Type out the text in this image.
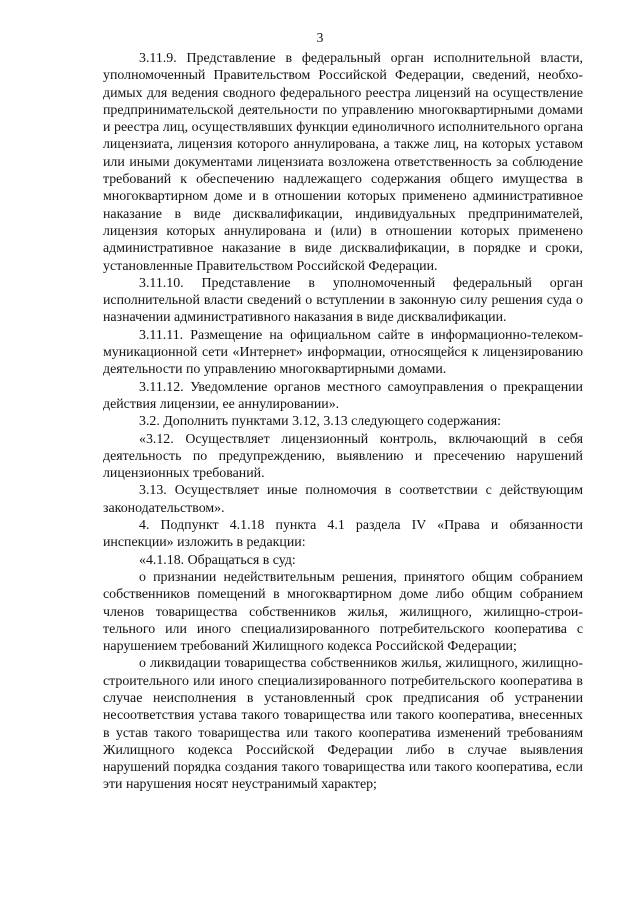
3

3.11.9. Представление в федеральный орган исполнительной власти, уполномоченный Правительством Российской Федерации, сведений, необходимых для ведения сводного федерального реестра лицензий на осуществление предпринимательской деятельности по управлению многоквартирными домами и реестра лиц, осуществлявших функции единоличного исполнительного органа лицензиата, лицензия которого аннулирована, а также лиц, на которых уставом или иными документами лицензиата возложена ответственность за соблюдение требований к обеспечению надлежащего содержания общего имущества в многоквартирном доме и в отношении которых применено административное наказание в виде дисквалификации, индивидуальных предпринимателей, лицензия которых аннулирована и (или) в отношении которых применено административное наказание в виде дисквалификации, в порядке и сроки, установленные Правительством Российской Федерации.

3.11.10. Представление в уполномоченный федеральный орган исполнительной власти сведений о вступлении в законную силу решения суда о назначении административного наказания в виде дисквалификации.

3.11.11. Размещение на официальном сайте в информационно-телекоммуникационной сети «Интернет» информации, относящейся к лицензированию деятельности по управлению многоквартирными домами.

3.11.12. Уведомление органов местного самоуправления о прекращении действия лицензии, ее аннулировании».

3.2. Дополнить пунктами 3.12, 3.13 следующего содержания:

«3.12. Осуществляет лицензионный контроль, включающий в себя деятельность по предупреждению, выявлению и пресечению нарушений лицензионных требований.

3.13. Осуществляет иные полномочия в соответствии с действующим законодательством».

4. Подпункт 4.1.18 пункта 4.1 раздела IV «Права и обязанности инспекции» изложить в редакции:

«4.1.18. Обращаться в суд:

о признании недействительным решения, принятого общим собранием собственников помещений в многоквартирном доме либо общим собранием членов товарищества собственников жилья, жилищного, жилищно-строительного или иного специализированного потребительского кооператива с нарушением требований Жилищного кодекса Российской Федерации;

о ликвидации товарищества собственников жилья, жилищного, жилищно-строительного или иного специализированного потребительского кооператива в случае неисполнения в установленный срок предписания об устранении несоответствия устава такого товарищества или такого кооператива, внесенных в устав такого товарищества или такого кооператива изменений требованиям Жилищного кодекса Российской Федерации либо в случае выявления нарушений порядка создания такого товарищества или такого кооператива, если эти нарушения носят неустранимый характер;
